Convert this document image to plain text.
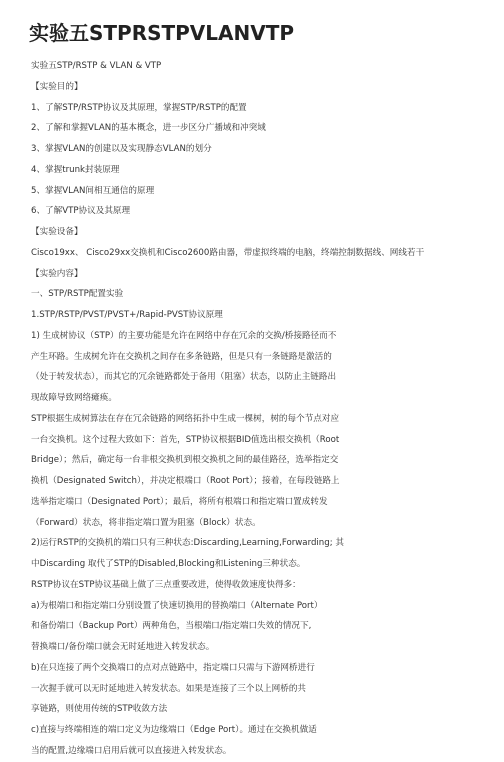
实验五STPRSTPVLANVTP
实验五STP/RSTP & VLAN & VTP
【实验目的】
1、了解STP/RSTP协议及其原理，掌握STP/RSTP的配置
2、了解和掌握VLAN的基本概念，进一步区分广播域和冲突域
3、掌握VLAN的创建以及实现静态VLAN的划分
4、掌握trunk封装原理
5、掌握VLAN间相互通信的原理
6、了解VTP协议及其原理
【实验设备】
Cisco19xx、 Cisco29xx交换机和Cisco2600路由器，带虚拟终端的电脑，终端控制数据线、网线若干
【实验内容】
一、STP/RSTP配置实验
1.STP/RSTP/PVST/PVST+/Rapid-PVST协议原理
1) 生成树协议（STP）的主要功能是允许在网络中存在冗余的交换/桥接路径而不
产生环路。生成树允许在交换机之间存在多条链路，但是只有一条链路是激活的
（处于转发状态），而其它的冗余链路都处于备用（阻塞）状态，以防止主链路出
现故障导致网络瘫痪。
STP根据生成树算法在存在冗余链路的网络拓扑中生成一棵树，树的每个节点对应
一台交换机。这个过程大致如下：首先，STP协议根据BID值选出根交换机（Root
Bridge）；然后，确定每一台非根交换机到根交换机之间的最佳路径，选举指定交
换机（Designated Switch），并决定根端口（Root Port）；接着，在每段链路上
选举指定端口（Designated Port）；最后，将所有根端口和指定端口置成转发
（Forward）状态，将非指定端口置为阻塞（Block）状态。
2)运行RSTP的交换机的端口只有三种状态:Discarding,Learning,Forwarding; 其
中Discarding 取代了STP的Disabled,Blocking和Listening三种状态。
RSTP协议在STP协议基础上做了三点重要改进，使得收敛速度快得多：
a)为根端口和指定端口分别设置了快速切换用的替换端口（Alternate Port）
和备份端口（Backup Port）两种角色，当根端口/指定端口失效的情况下,
替换端口/备份端口就会无时延地进入转发状态。
b)在只连接了两个交换端口的点对点链路中，指定端口只需与下游网桥进行
一次握手就可以无时延地进入转发状态。如果是连接了三个以上网桥的共
享链路，则使用传统的STP收敛方法
c)直接与终端相连的端口定义为边缘端口（Edge Port）。通过在交换机做适
当的配置,边缘端口启用后就可以直接进入转发状态。
